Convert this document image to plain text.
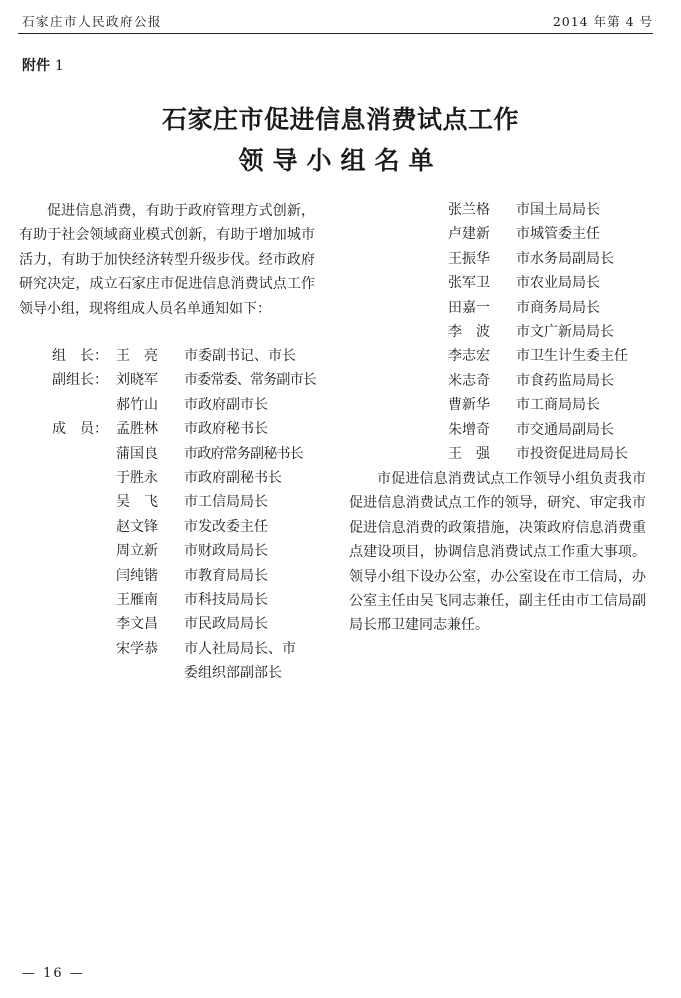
石家庄市人民政府公报	2014 年第 4 号
附件 1
石家庄市促进信息消费试点工作
领导小组名单
促进信息消费，有助于政府管理方式创新，有助于社会领域商业模式创新，有助于增加城市活力，有助于加快经济转型升级步伐。经市政府研究决定，成立石家庄市促进信息消费试点工作领导小组，现将组成人员名单通知如下：
组　长： 王　亮	市委副书记、市长
副组长： 刘晓军	市委常委、常务副市长
郝竹山	市政府副市长
成　员： 孟胜林	市政府秘书长
蒲国良	市政府常务副秘书长
于胜永	市政府副秘书长
吴　飞	市工信局局长
赵文锋	市发改委主任
周立新	市财政局局长
闫纯锴	市教育局局长
王雁南	市科技局局长
李文昌	市民政局局长
宋学恭	市人社局局长、市
委组织部副部长
张兰格	市国土局局长
卢建新	市城管委主任
王振华	市水务局副局长
张军卫	市农业局局长
田嘉一	市商务局局长
李　波	市文广新局局长
李志宏	市卫生计生委主任
米志奇	市食药监局局长
曹新华	市工商局局长
朱增奇	市交通局副局长
王　强	市投资促进局局长
市促进信息消费试点工作领导小组负责我市促进信息消费试点工作的领导，研究、审定我市促进信息消费的政策措施，决策政府信息消费重点建设项目，协调信息消费试点工作重大事项。领导小组下设办公室，办公室设在市工信局，办公室主任由吴飞同志兼任，副主任由市工信局副局长邢卫建同志兼任。
— 16 —
